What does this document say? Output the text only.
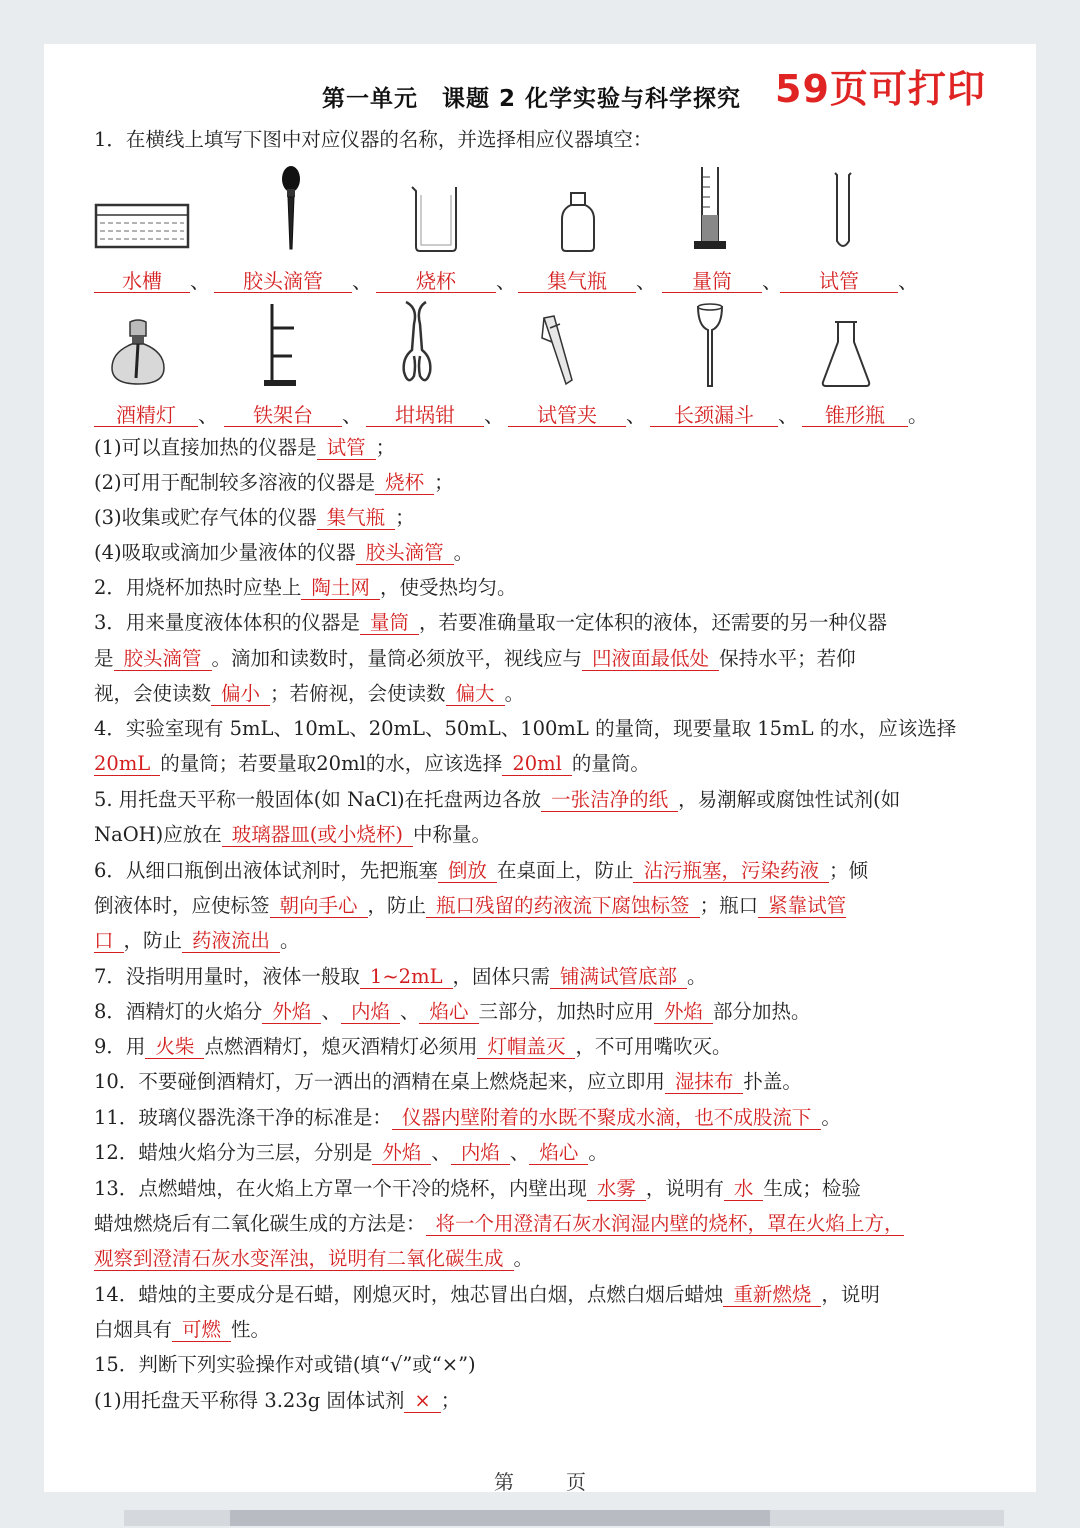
第一单元　课题 2 化学实验与科学探究 59页可打印
1．在横线上填写下图中对应仪器的名称，并选择相应仪器填空：
水槽 、	胶头滴管 、	烧杯 、	集气瓶 、	量筒 、	试管 、
酒精灯 、	铁架台 、	坩埚钳 、	试管夹 、	长颈漏斗 、	锥形瓶 。
(1)可以直接加热的仪器是 试管 ；
(2)可用于配制较多溶液的仪器是 烧杯 ；
(3)收集或贮存气体的仪器 集气瓶 ；
(4)吸取或滴加少量液体的仪器 胶头滴管 。
2．用烧杯加热时应垫上 陶土网 ，使受热均匀。
3．用来量度液体体积的仪器是 量筒 ，若要准确量取一定体积的液体，还需要的另一种仪器
是 胶头滴管 。滴加和读数时，量筒必须放平，视线应与 凹液面最低处 保持水平；若仰
视，会使读数 偏小 ；若俯视，会使读数 偏大 。
4．实验室现有 5mL、10mL、20mL、50mL、100mL 的量筒，现要量取 15mL 的水，应该选择
20mL 的量筒；若要量取20ml的水，应该选择 20ml 的量筒。
5. 用托盘天平称一般固体(如 NaCl)在托盘两边各放 一张洁净的纸 ，易潮解或腐蚀性试剂(如
NaOH)应放在 玻璃器皿(或小烧杯) 中称量。
6．从细口瓶倒出液体试剂时，先把瓶塞 倒放 在桌面上，防止 沾污瓶塞，污染药液 ；倾
倒液体时，应使标签 朝向手心 ，防止 瓶口残留的药液流下腐蚀标签 ；瓶口 紧靠试管
口 ，防止 药液流出 。
7．没指明用量时，液体一般取 1~2mL ，固体只需 铺满试管底部 。
8．酒精灯的火焰分 外焰 、 内焰 、 焰心 三部分，加热时应用 外焰 部分加热。
9．用 火柴 点燃酒精灯，熄灭酒精灯必须用 灯帽盖灭 ，不可用嘴吹灭。
10．不要碰倒酒精灯，万一洒出的酒精在桌上燃烧起来，应立即用 湿抹布 扑盖。
11．玻璃仪器洗涤干净的标准是： 仪器内壁附着的水既不聚成水滴，也不成股流下 。
12．蜡烛火焰分为三层，分别是 外焰 、 内焰 、 焰心 。
13．点燃蜡烛，在火焰上方罩一个干冷的烧杯，内壁出现 水雾 ，说明有 水 生成；检验
蜡烛燃烧后有二氧化碳生成的方法是： 将一个用澄清石灰水润湿内壁的烧杯，罩在火焰上方，
观察到澄清石灰水变浑浊，说明有二氧化碳生成 。
14．蜡烛的主要成分是石蜡，刚熄灭时，烛芯冒出白烟，点燃白烟后蜡烛 重新燃烧 ，说明
白烟具有 可燃 性。
15．判断下列实验操作对或错(填“√”或“×”)
(1)用托盘天平称得 3.23g 固体试剂 × ；
第	页
